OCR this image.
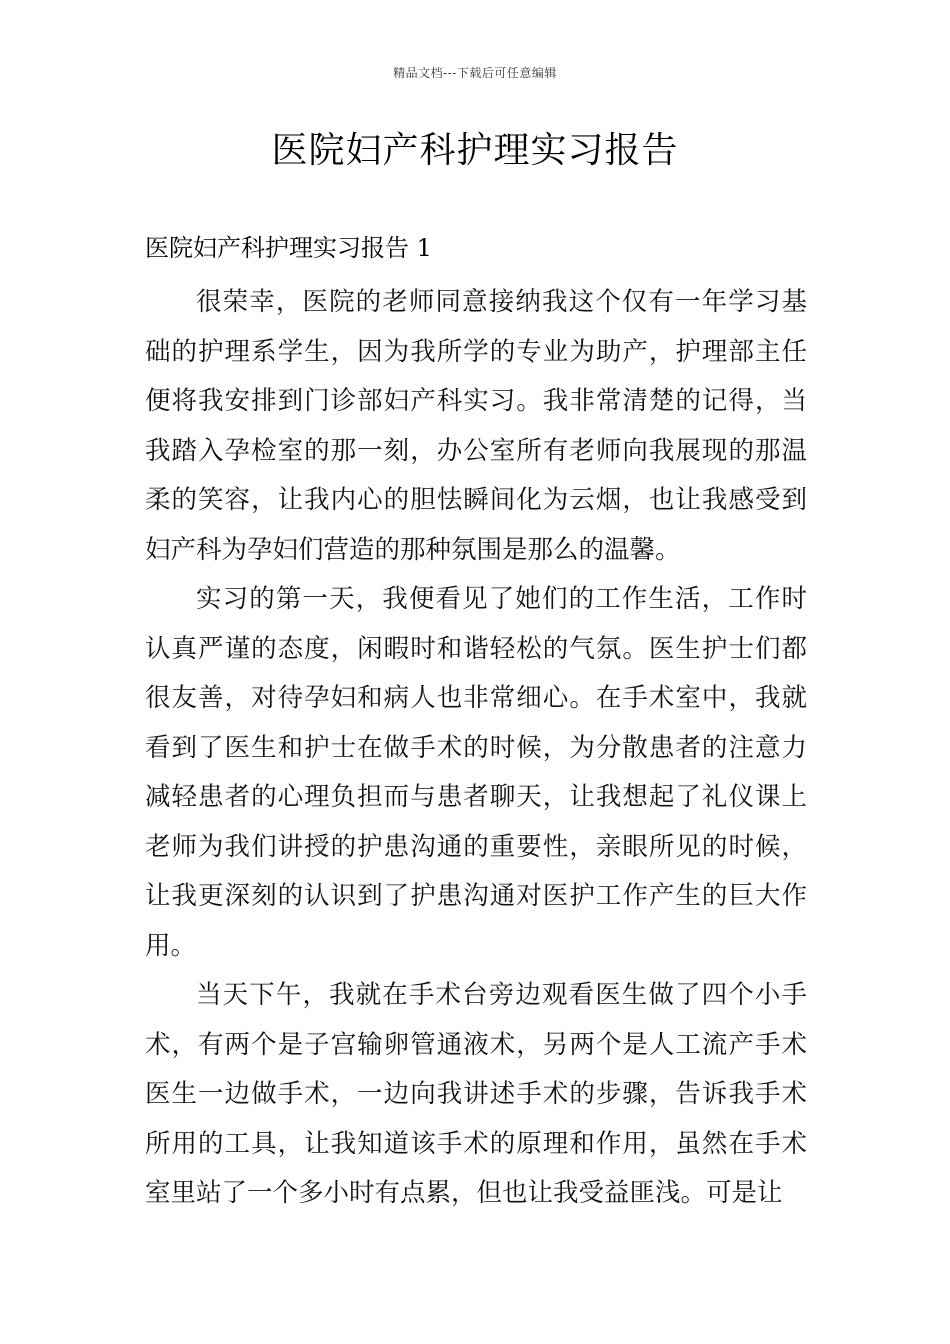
精品文档---下载后可任意编辑
医院妇产科护理实习报告
医院妇产科护理实习报告 1

很荣幸，医院的老师同意接纳我这个仅有一年学习基础的护理系学生，因为我所学的专业为助产，护理部主任便将我安排到门诊部妇产科实习。我非常清楚的记得，当我踏入孕检室的那一刻，办公室所有老师向我展现的那温柔的笑容，让我内心的胆怯瞬间化为云烟，也让我感受到妇产科为孕妇们营造的那种氛围是那么的温馨。

实习的第一天，我便看见了她们的工作生活，工作时认真严谨的态度，闲暇时和谐轻松的气氛。医生护士们都很友善，对待孕妇和病人也非常细心。在手术室中，我就看到了医生和护士在做手术的时候，为分散患者的注意力减轻患者的心理负担而与患者聊天，让我想起了礼仪课上老师为我们讲授的护患沟通的重要性，亲眼所见的时候，让我更深刻的认识到了护患沟通对医护工作产生的巨大作用。

当天下午，我就在手术台旁边观看医生做了四个小手术，有两个是子宫输卵管通液术，另两个是人工流产手术医生一边做手术，一边向我讲述手术的步骤，告诉我手术所用的工具，让我知道该手术的原理和作用，虽然在手术室里站了一个多小时有点累，但也让我受益匪浅。可是让
